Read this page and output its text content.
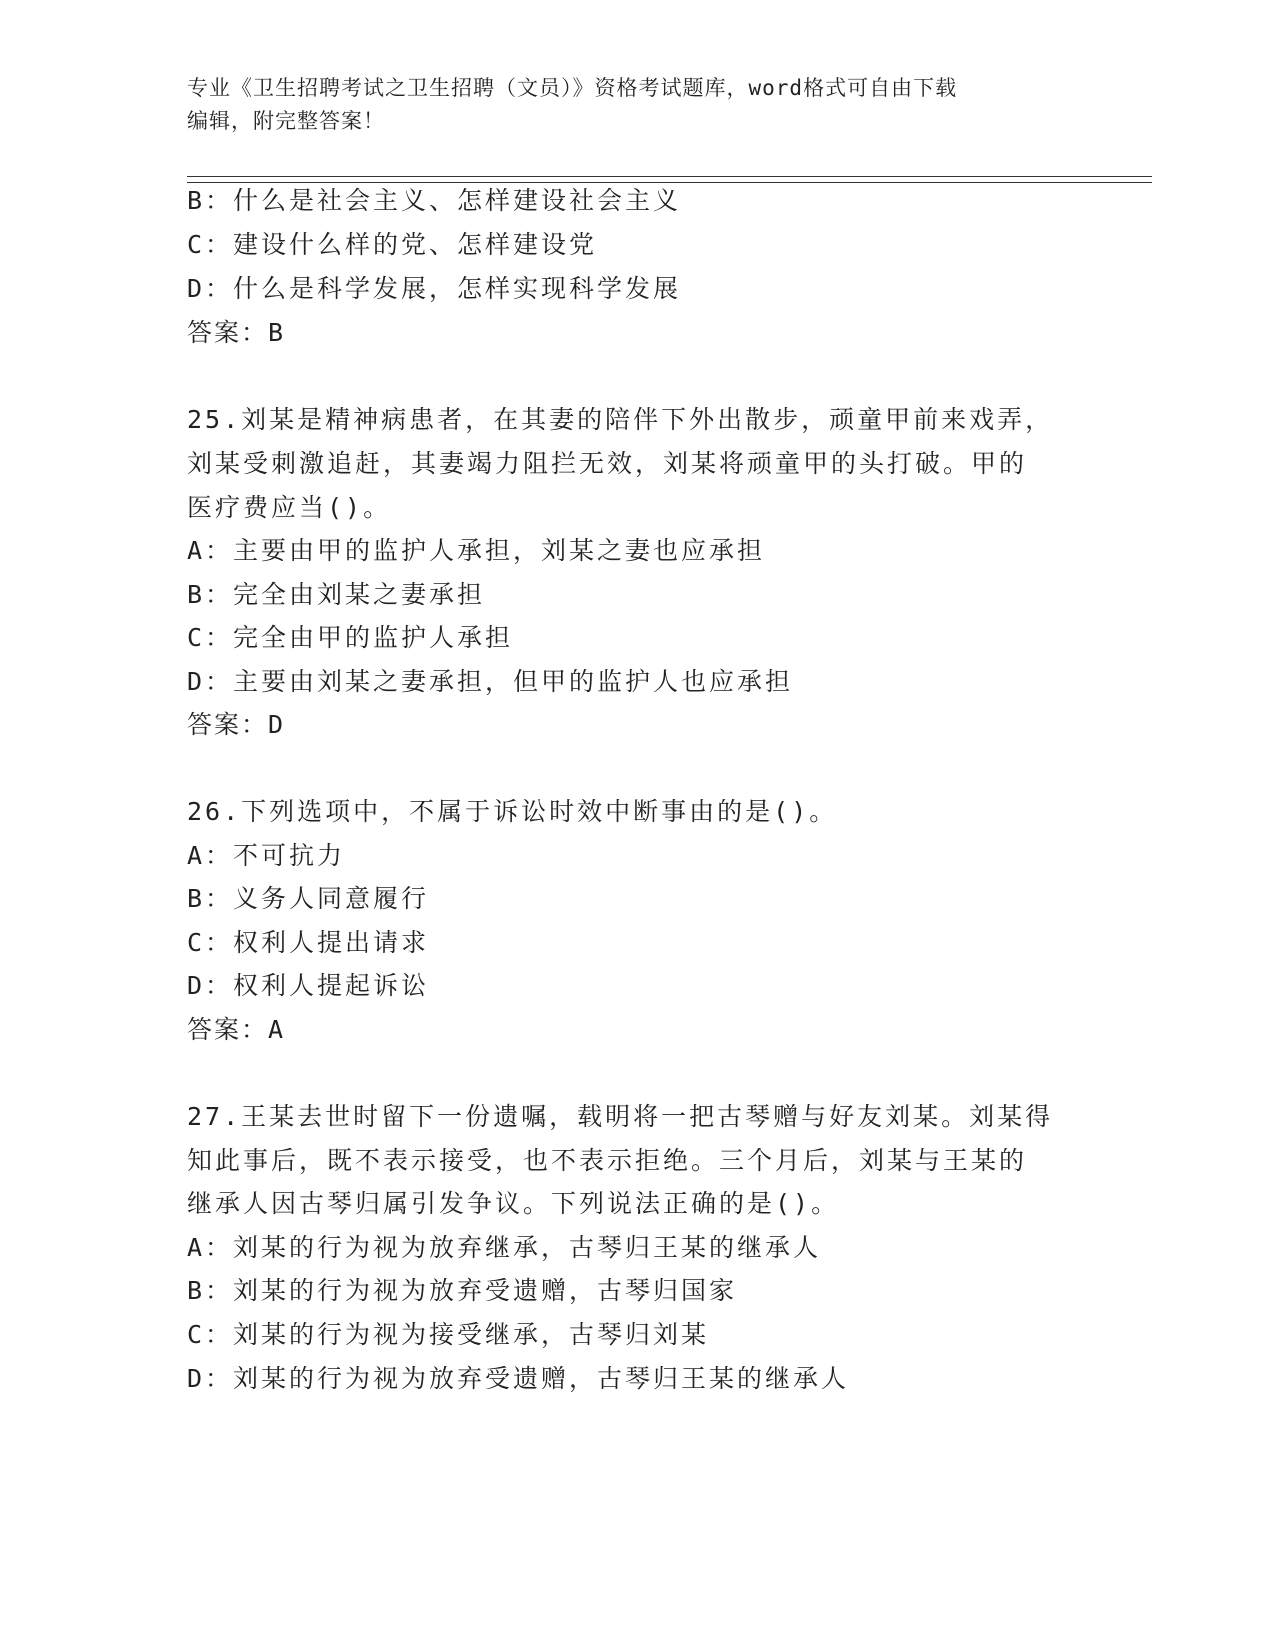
专业《卫生招聘考试之卫生招聘（文员）》资格考试题库，word格式可自由下载
编辑，附完整答案！
B：什么是社会主义、怎样建设社会主义
C：建设什么样的党、怎样建设党
D：什么是科学发展，怎样实现科学发展
答案：B
25.刘某是精神病患者，在其妻的陪伴下外出散步，顽童甲前来戏弄，
刘某受刺激追赶，其妻竭力阻拦无效，刘某将顽童甲的头打破。甲的
医疗费应当()。
A：主要由甲的监护人承担，刘某之妻也应承担
B：完全由刘某之妻承担
C：完全由甲的监护人承担
D：主要由刘某之妻承担，但甲的监护人也应承担
答案：D
26.下列选项中，不属于诉讼时效中断事由的是()。
A：不可抗力
B：义务人同意履行
C：权利人提出请求
D：权利人提起诉讼
答案：A
27.王某去世时留下一份遗嘱，载明将一把古琴赠与好友刘某。刘某得
知此事后，既不表示接受，也不表示拒绝。三个月后，刘某与王某的
继承人因古琴归属引发争议。下列说法正确的是()。
A：刘某的行为视为放弃继承，古琴归王某的继承人
B：刘某的行为视为放弃受遗赠，古琴归国家
C：刘某的行为视为接受继承，古琴归刘某
D：刘某的行为视为放弃受遗赠，古琴归王某的继承人
